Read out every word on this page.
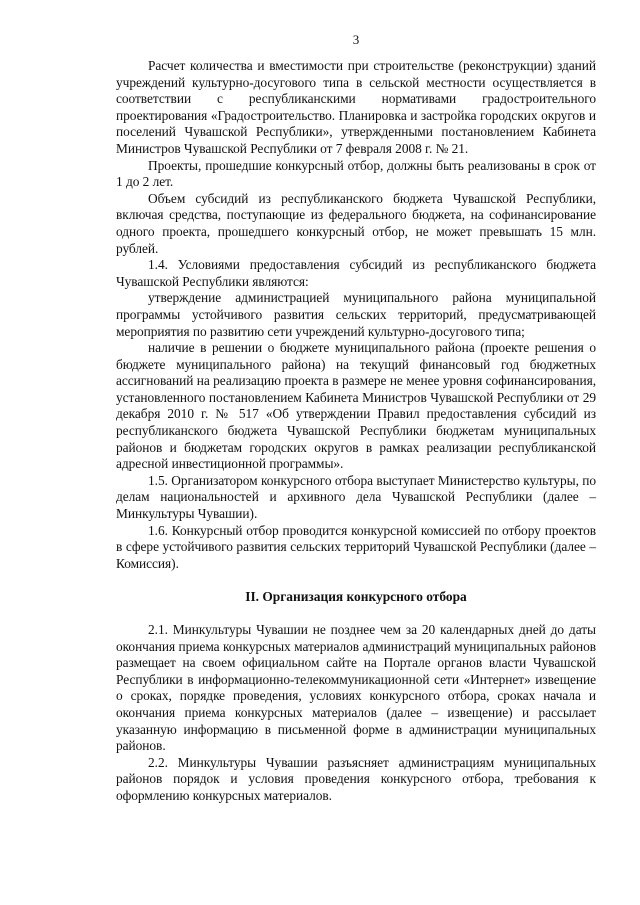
3

Расчет количества и вместимости при строительстве (реконструкции) зданий учреждений культурно-досугового типа в сельской местности осуществляется в соответствии с республиканскими нормативами градостроительного проектирования «Градостроительство. Планировка и застройка городских округов и поселений Чувашской Республики», утвержденными постановлением Кабинета Министров Чувашской Республики от 7 февраля 2008 г. № 21.

Проекты, прошедшие конкурсный отбор, должны быть реализованы в срок от 1 до 2 лет.

Объем субсидий из республиканского бюджета Чувашской Республики, включая средства, поступающие из федерального бюджета, на софинансирование одного проекта, прошедшего конкурсный отбор, не может превышать 15 млн. рублей.

1.4. Условиями предоставления субсидий из республиканского бюджета Чувашской Республики являются:

утверждение администрацией муниципального района муниципальной программы устойчивого развития сельских территорий, предусматривающей мероприятия по развитию сети учреждений культурно-досугового типа;

наличие в решении о бюджете муниципального района (проекте решения о бюджете муниципального района) на текущий финансовый год бюджетных ассигнований на реализацию проекта в размере не менее уровня софинансирования, установленного постановлением Кабинета Министров Чувашской Республики от 29 декабря 2010 г. № 517 «Об утверждении Правил предоставления субсидий из республиканского бюджета Чувашской Республики бюджетам муниципальных районов и бюджетам городских округов в рамках реализации республиканской адресной инвестиционной программы».

1.5. Организатором конкурсного отбора выступает Министерство культуры, по делам национальностей и архивного дела Чувашской Республики (далее – Минкультуры Чувашии).

1.6. Конкурсный отбор проводится конкурсной комиссией по отбору проектов в сфере устойчивого развития сельских территорий Чувашской Республики (далее – Комиссия).

II. Организация конкурсного отбора

2.1. Минкультуры Чувашии не позднее чем за 20 календарных дней до даты окончания приема конкурсных материалов администраций муниципальных районов размещает на своем официальном сайте на Портале органов власти Чувашской Республики в информационно-телекоммуникационной сети «Интернет» извещение о сроках, порядке проведения, условиях конкурсного отбора, сроках начала и окончания приема конкурсных материалов (далее – извещение) и рассылает указанную информацию в письменной форме в администрации муниципальных районов.

2.2. Минкультуры Чувашии разъясняет администрациям муниципальных районов порядок и условия проведения конкурсного отбора, требования к оформлению конкурсных материалов.
